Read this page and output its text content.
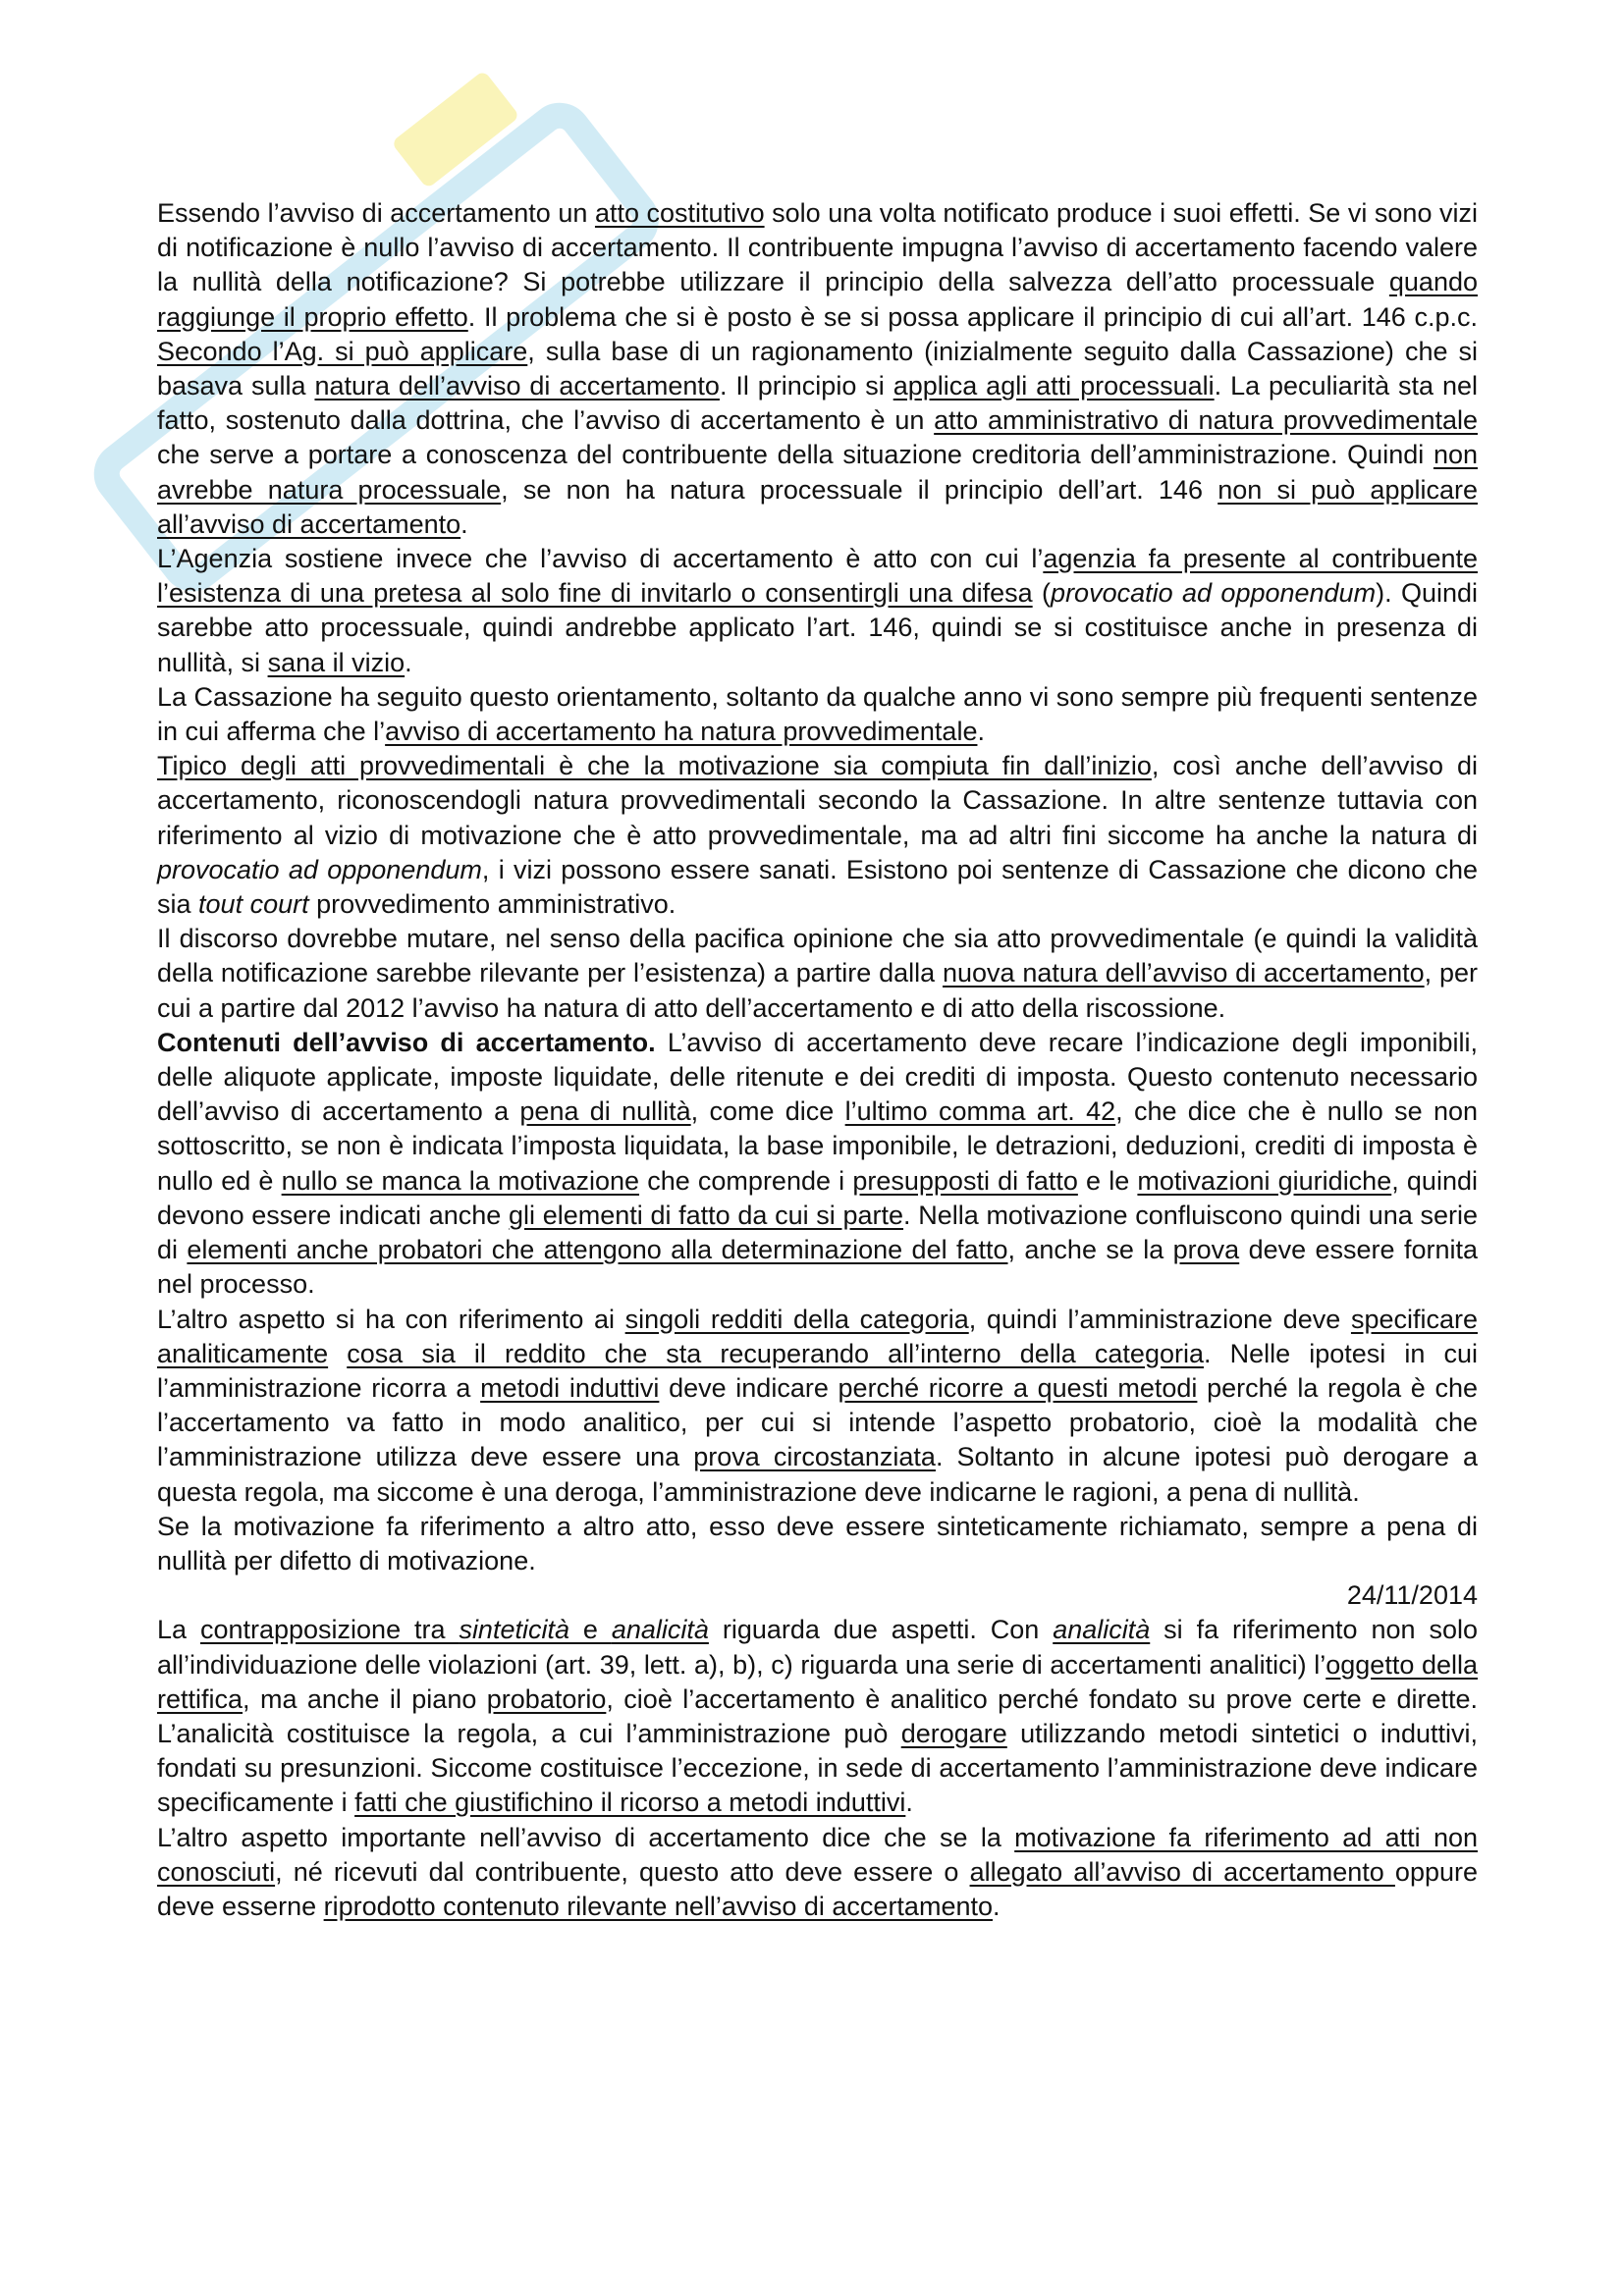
Essendo l’avviso di accertamento un atto costitutivo solo una volta notificato produce i suoi effetti. Se vi sono vizi di notificazione è nullo l’avviso di accertamento. Il contribuente impugna l’avviso di accertamento facendo valere la nullità della notificazione? Si potrebbe utilizzare il principio della salvezza dell’atto processuale quando raggiunge il proprio effetto. Il problema che si è posto è se si possa applicare il principio di cui all’art. 146 c.p.c. Secondo l’Ag. si può applicare, sulla base di un ragionamento (inizialmente seguito dalla Cassazione) che si basava sulla natura dell’avviso di accertamento. Il principio si applica agli atti processuali. La peculiarità sta nel fatto, sostenuto dalla dottrina, che l’avviso di accertamento è un atto amministrativo di natura provvedimentale che serve a portare a conoscenza del contribuente della situazione creditoria dell’amministrazione. Quindi non avrebbe natura processuale, se non ha natura processuale il principio dell’art. 146 non si può applicare all’avviso di accertamento.

L’Agenzia sostiene invece che l’avviso di accertamento è atto con cui l’agenzia fa presente al contribuente l’esistenza di una pretesa al solo fine di invitarlo o consentirgli una difesa (provocatio ad opponendum). Quindi sarebbe atto processuale, quindi andrebbe applicato l’art. 146, quindi se si costituisce anche in presenza di nullità, si sana il vizio.

La Cassazione ha seguito questo orientamento, soltanto da qualche anno vi sono sempre più frequenti sentenze in cui afferma che l’avviso di accertamento ha natura provvedimentale.

Tipico degli atti provvedimentali è che la motivazione sia compiuta fin dall’inizio, così anche dell’avviso di accertamento, riconoscendogli natura provvedimentali secondo la Cassazione. In altre sentenze tuttavia con riferimento al vizio di motivazione che è atto provvedimentale, ma ad altri fini siccome ha anche la natura di provocatio ad opponendum, i vizi possono essere sanati. Esistono poi sentenze di Cassazione che dicono che sia tout court provvedimento amministrativo.

Il discorso dovrebbe mutare, nel senso della pacifica opinione che sia atto provvedimentale (e quindi la validità della notificazione sarebbe rilevante per l’esistenza) a partire dalla nuova natura dell’avviso di accertamento, per cui a partire dal 2012 l’avviso ha natura di atto dell’accertamento e di atto della riscossione.

Contenuti dell’avviso di accertamento. L’avviso di accertamento deve recare l’indicazione degli imponibili, delle aliquote applicate, imposte liquidate, delle ritenute e dei crediti di imposta. Questo contenuto necessario dell’avviso di accertamento a pena di nullità, come dice l’ultimo comma art. 42, che dice che è nullo se non sottoscritto, se non è indicata l’imposta liquidata, la base imponibile, le detrazioni, deduzioni, crediti di imposta è nullo ed è nullo se manca la motivazione che comprende i presupposti di fatto e le motivazioni giuridiche, quindi devono essere indicati anche gli elementi di fatto da cui si parte. Nella motivazione confluiscono quindi una serie di elementi anche probatori che attengono alla determinazione del fatto, anche se la prova deve essere fornita nel processo.

L’altro aspetto si ha con riferimento ai singoli redditi della categoria, quindi l’amministrazione deve specificare analiticamente cosa sia il reddito che sta recuperando all’interno della categoria. Nelle ipotesi in cui l’amministrazione ricorra a metodi induttivi deve indicare perché ricorre a questi metodi perché la regola è che l’accertamento va fatto in modo analitico, per cui si intende l’aspetto probatorio, cioè la modalità che l’amministrazione utilizza deve essere una prova circostanziata. Soltanto in alcune ipotesi può derogare a questa regola, ma siccome è una deroga, l’amministrazione deve indicarne le ragioni, a pena di nullità.

Se la motivazione fa riferimento a altro atto, esso deve essere sinteticamente richiamato, sempre a pena di nullità per difetto di motivazione.

24/11/2014

La contrapposizione tra sinteticità e analicità riguarda due aspetti. Con analicità si fa riferimento non solo all’individuazione delle violazioni (art. 39, lett. a), b), c) riguarda una serie di accertamenti analitici) l’oggetto della rettifica, ma anche il piano probatorio, cioè l’accertamento è analitico perché fondato su prove certe e dirette. L’analicità costituisce la regola, a cui l’amministrazione può derogare utilizzando metodi sintetici o induttivi, fondati su presunzioni. Siccome costituisce l’eccezione, in sede di accertamento l’amministrazione deve indicare specificamente i fatti che giustifichino il ricorso a metodi induttivi.

L’altro aspetto importante nell’avviso di accertamento dice che se la motivazione fa riferimento ad atti non conosciuti, né ricevuti dal contribuente, questo atto deve essere o allegato all’avviso di accertamento oppure deve esserne riprodotto contenuto rilevante nell’avviso di accertamento.
